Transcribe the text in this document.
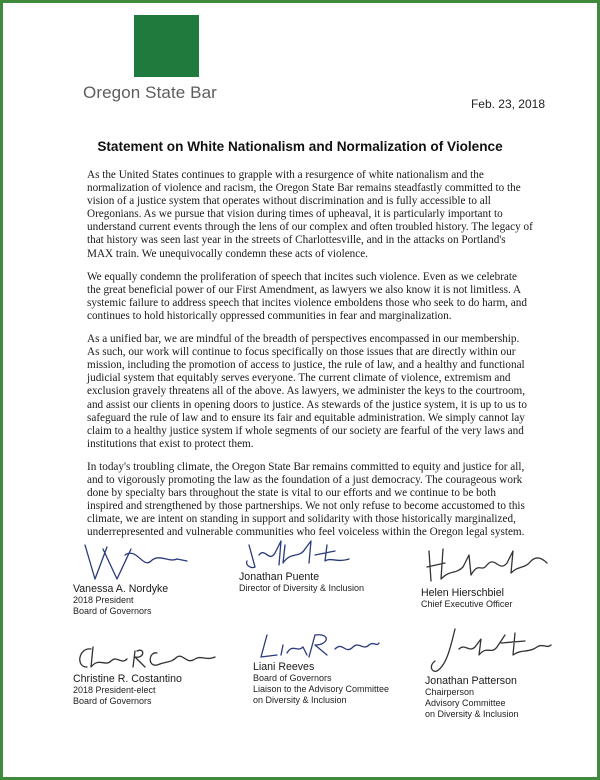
Oregon State Bar
Feb. 23, 2018
Statement on White Nationalism and Normalization of Violence

As the United States continues to grapple with a resurgence of white nationalism and the normalization of violence and racism, the Oregon State Bar remains steadfastly committed to the vision of a justice system that operates without discrimination and is fully accessible to all Oregonians. As we pursue that vision during times of upheaval, it is particularly important to understand current events through the lens of our complex and often troubled history. The legacy of that history was seen last year in the streets of Charlottesville, and in the attacks on Portland's MAX train. We unequivocally condemn these acts of violence.

We equally condemn the proliferation of speech that incites such violence. Even as we celebrate the great beneficial power of our First Amendment, as lawyers we also know it is not limitless. A systemic failure to address speech that incites violence emboldens those who seek to do harm, and continues to hold historically oppressed communities in fear and marginalization.

As a unified bar, we are mindful of the breadth of perspectives encompassed in our membership. As such, our work will continue to focus specifically on those issues that are directly within our mission, including the promotion of access to justice, the rule of law, and a healthy and functional judicial system that equitably serves everyone. The current climate of violence, extremism and exclusion gravely threatens all of the above. As lawyers, we administer the keys to the courtroom, and assist our clients in opening doors to justice. As stewards of the justice system, it is up to us to safeguard the rule of law and to ensure its fair and equitable administration. We simply cannot lay claim to a healthy justice system if whole segments of our society are fearful of the very laws and institutions that exist to protect them.

In today's troubling climate, the Oregon State Bar remains committed to equity and justice for all, and to vigorously promoting the law as the foundation of a just democracy. The courageous work done by specialty bars throughout the state is vital to our efforts and we continue to be both inspired and strengthened by those partnerships. We not only refuse to become accustomed to this climate, we are intent on standing in support and solidarity with those historically marginalized, underrepresented and vulnerable communities who feel voiceless within the Oregon legal system.

Vanessa A. Nordyke
2018 President
Board of Governors
Jonathan Puente
Director of Diversity & Inclusion	Helen Hierschbiel
Chief Executive Officer
Christine R. Costantino
2018 President-elect
Board of Governors
Liani Reeves
Board of Governors
Liaison to the Advisory Committee
on Diversity & Inclusion
Jonathan Patterson
Chairperson
Advisory Committee
on Diversity & Inclusion
